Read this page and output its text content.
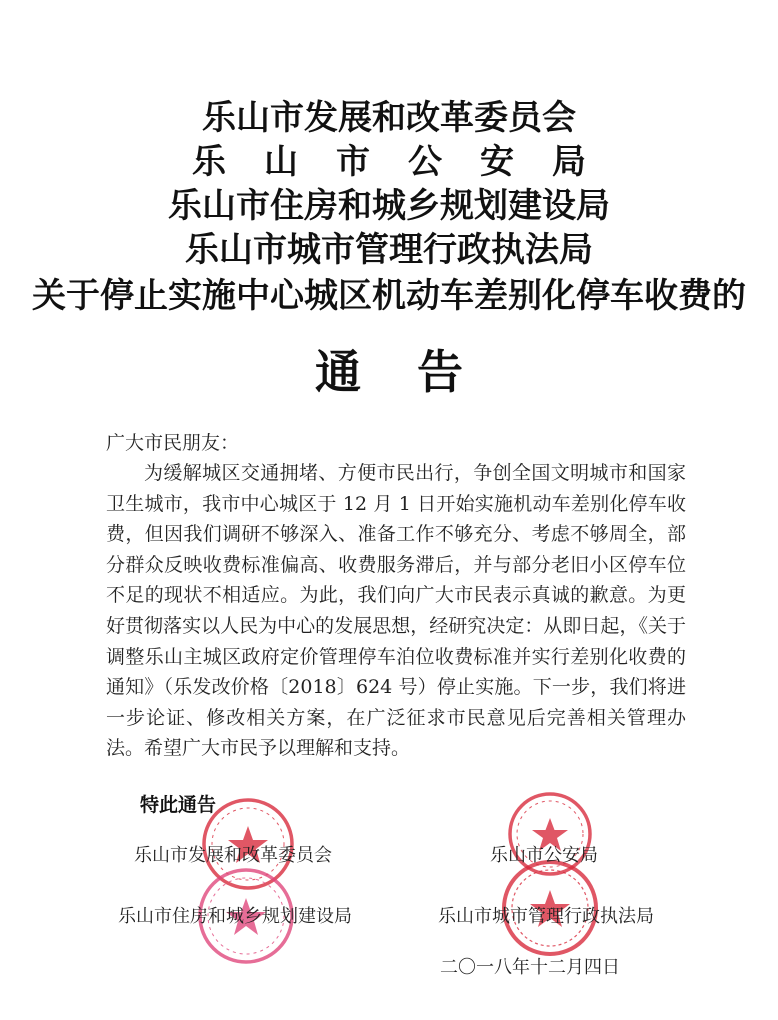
乐山市发展和改革委员会
乐山市公安局
乐山市住房和城乡规划建设局
乐山市城市管理行政执法局
关于停止实施中心城区机动车差别化停车收费的
通告
广大市民朋友：

为缓解城区交通拥堵、方便市民出行，争创全国文明城市和国家卫生城市，我市中心城区于 12 月 1 日开始实施机动车差别化停车收费，但因我们调研不够深入、准备工作不够充分、考虑不够周全，部分群众反映收费标准偏高、收费服务滞后，并与部分老旧小区停车位不足的现状不相适应。为此，我们向广大市民表示真诚的歉意。为更好贯彻落实以人民为中心的发展思想，经研究决定：从即日起，《关于调整乐山主城区政府定价管理停车泊位收费标准并实行差别化收费的通知》（乐发改价格〔2018〕624 号）停止实施。下一步，我们将进一步论证、修改相关方案，在广泛征求市民意见后完善相关管理办法。希望广大市民予以理解和支持。

特此通告
乐山市发展和改革委员会	乐山市公安局
乐山市住房和城乡规划建设局	乐山市城市管理行政执法局
二〇一八年十二月四日
